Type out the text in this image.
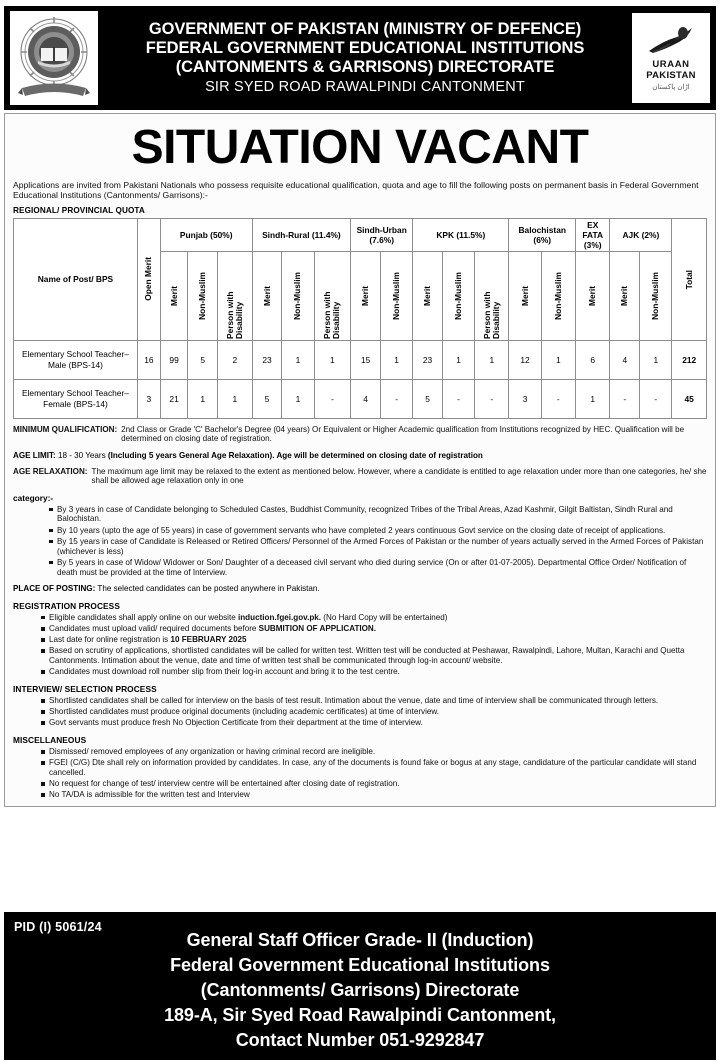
GOVERNMENT OF PAKISTAN (MINISTRY OF DEFENCE)
FEDERAL GOVERNMENT EDUCATIONAL INSTITUTIONS
(CANTONMENTS & GARRISONS) DIRECTORATE
SIR SYED ROAD RAWALPINDI CANTONMENT
URAAN
PAKISTAN
اڑان پاکستان
SITUATION VACANT
Applications are invited from Pakistani Nationals who possess requisite educational qualification, quota and age to fill the following posts on permanent basis in Federal Government Educational Institutions (Cantonments/ Garrisons):-
REGIONAL/ PROVINCIAL QUOTA
Name of Post/ BPS	Open Merit	Punjab (50%)			Sindh-Rural (11.4%)			Sindh-Urban (7.6%)		KPK (11.5%)			Balochistan (6%)		EX FATA (3%)	AJK (2%)		Total

		Merit	Non-Muslim	Person with Disability	Merit	Non-Muslim	Person with Disability	Merit	Non-Muslim	Merit	Non-Muslim	Person with Disability	Merit	Non-Muslim	Merit	Merit	Non-Muslim	

Elementary School Teacher– Male (BPS-14)	16	99	5	2	23	1	1	15	1	23	1	1	12	1	6	4	1	212
Elementary School Teacher– Female (BPS-14)	3	21	1	1	5	1	-	4	-	5	-	-	3	-	1	-	-	45
MINIMUM QUALIFICATION: 2nd Class or Grade 'C' Bachelor's Degree (04 years) Or Equivalent or Higher Academic qualification from Institutions recognized by HEC. Qualification will be determined on closing date of registration.
AGE LIMIT: 18 - 30 Years (Including 5 years General Age Relaxation). Age will be determined on closing date of registration
AGE RELAXATION: The maximum age limit may be relaxed to the extent as mentioned below. However, where a candidate is entitled to age relaxation under more than one categories, he/ she shall be allowed age relaxation only in one
category:-
By 3 years in case of Candidate belonging to Scheduled Castes, Buddhist Community, recognized Tribes of the Tribal Areas, Azad Kashmir, Gilgit Baltistan, Sindh Rural and Balochistan.
By 10 years (upto the age of 55 years) in case of government servants who have completed 2 years continuous Govt service on the closing date of receipt of applications.
By 15 years in case of Candidate is Released or Retired Officers/ Personnel of the Armed Forces of Pakistan or the number of years actually served in the Armed Forces of Pakistan (whichever is less)
By 5 years in case of Widow/ Widower or Son/ Daughter of a deceased civil servant who died during service (On or after 01-07-2005). Departmental Office Order/ Notification of death must be provided at the time of Interview.
PLACE OF POSTING: The selected candidates can be posted anywhere in Pakistan.
REGISTRATION PROCESS
Eligible candidates shall apply online on our website induction.fgei.gov.pk. (No Hard Copy will be entertained)
Candidates must upload valid/ required documents before SUBMITION OF APPLICATION.
Last date for online registration is 10 FEBRUARY 2025
Based on scrutiny of applications, shortlisted candidates will be called for written test. Written test will be conducted at Peshawar, Rawalpindi, Lahore, Multan, Karachi and Quetta Cantonments. Intimation about the venue, date and time of written test shall be communicated through log-in account/ website.
Candidates must download roll number slip from their log-in account and bring it to the test centre.
INTERVIEW/ SELECTION PROCESS
Shortlisted candidates shall be called for interview on the basis of test result. Intimation about the venue, date and time of interview shall be communicated through letters.
Shortlisted candidates must produce original documents (including academic certificates) at time of interview.
Govt servants must produce fresh No Objection Certificate from their department at the time of interview.
MISCELLANEOUS
Dismissed/ removed employees of any organization or having criminal record are ineligible.
FGEI (C/G) Dte shall rely on information provided by candidates. In case, any of the documents is found fake or bogus at any stage, candidature of the particular candidate will stand cancelled.
No request for change of test/ interview centre will be entertained after closing date of registration.
No TA/DA is admissible for the written test and Interview
PID (I) 5061/24
General Staff Officer Grade- II (Induction)
Federal Government Educational Institutions
(Cantonments/ Garrisons) Directorate
189-A, Sir Syed Road Rawalpindi Cantonment,
Contact Number 051-9292847
